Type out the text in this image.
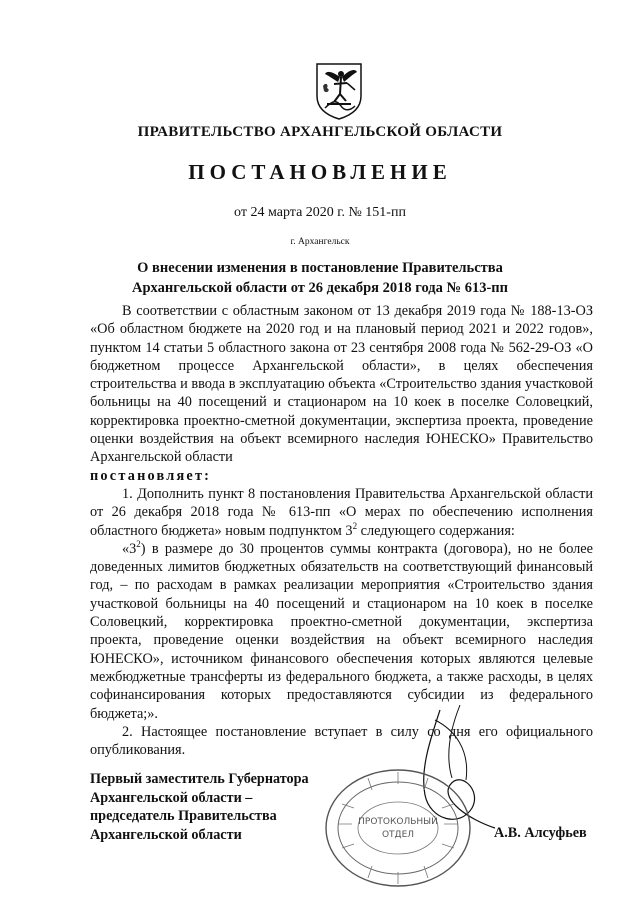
ПРАВИТЕЛЬСТВО АРХАНГЕЛЬСКОЙ ОБЛАСТИ
ПОСТАНОВЛЕНИЕ
от 24 марта 2020 г. № 151-пп
г. Архангельск
О внесении изменения в постановление Правительства
Архангельской области от 26 декабря 2018 года № 613-пп

В соответствии с областным законом от 13 декабря 2019 года № 188-13-ОЗ «Об областном бюджете на 2020 год и на плановый период 2021 и 2022 годов», пунктом 14 статьи 5 областного закона от 23 сентября 2008 года № 562-29-ОЗ «О бюджетном процессе Архангельской области», в целях обеспечения строительства и ввода в эксплуатацию объекта «Строительство здания участковой больницы на 40 посещений и стационаром на 10 коек в поселке Соловецкий, корректировка проектно-сметной документации, экспертиза проекта, проведение оценки воздействия на объект всемирного наследия ЮНЕСКО» Правительство Архангельской области
постановляет:

1. Дополнить пункт 8 постановления Правительства Архангельской области от 26 декабря 2018 года № 613-пп «О мерах по обеспечению исполнения областного бюджета» новым подпунктом $3^2$ следующего содержания:

«$3^2$) в размере до 30 процентов суммы контракта (договора), но не более доведенных лимитов бюджетных обязательств на соответствующий финансовый год, – по расходам в рамках реализации мероприятия «Строительство здания участковой больницы на 40 посещений и стационаром на 10 коек в поселке Соловецкий, корректировка проектно-сметной документации, экспертиза проекта, проведение оценки воздействия на объект всемирного наследия ЮНЕСКО», источником финансового обеспечения которых являются целевые межбюджетные трансферты из федерального бюджета, а также расходы, в целях софинансирования которых предоставляются субсидии из федерального бюджета;».

2. Настоящее постановление вступает в силу со дня его официального опубликования.

ПРОТОКОЛЬНЫЙ
ОТДЕЛ
Первый заместитель Губернатора
Архангельской области –
председатель Правительства
Архангельской области	А.В. Алсуфьев
